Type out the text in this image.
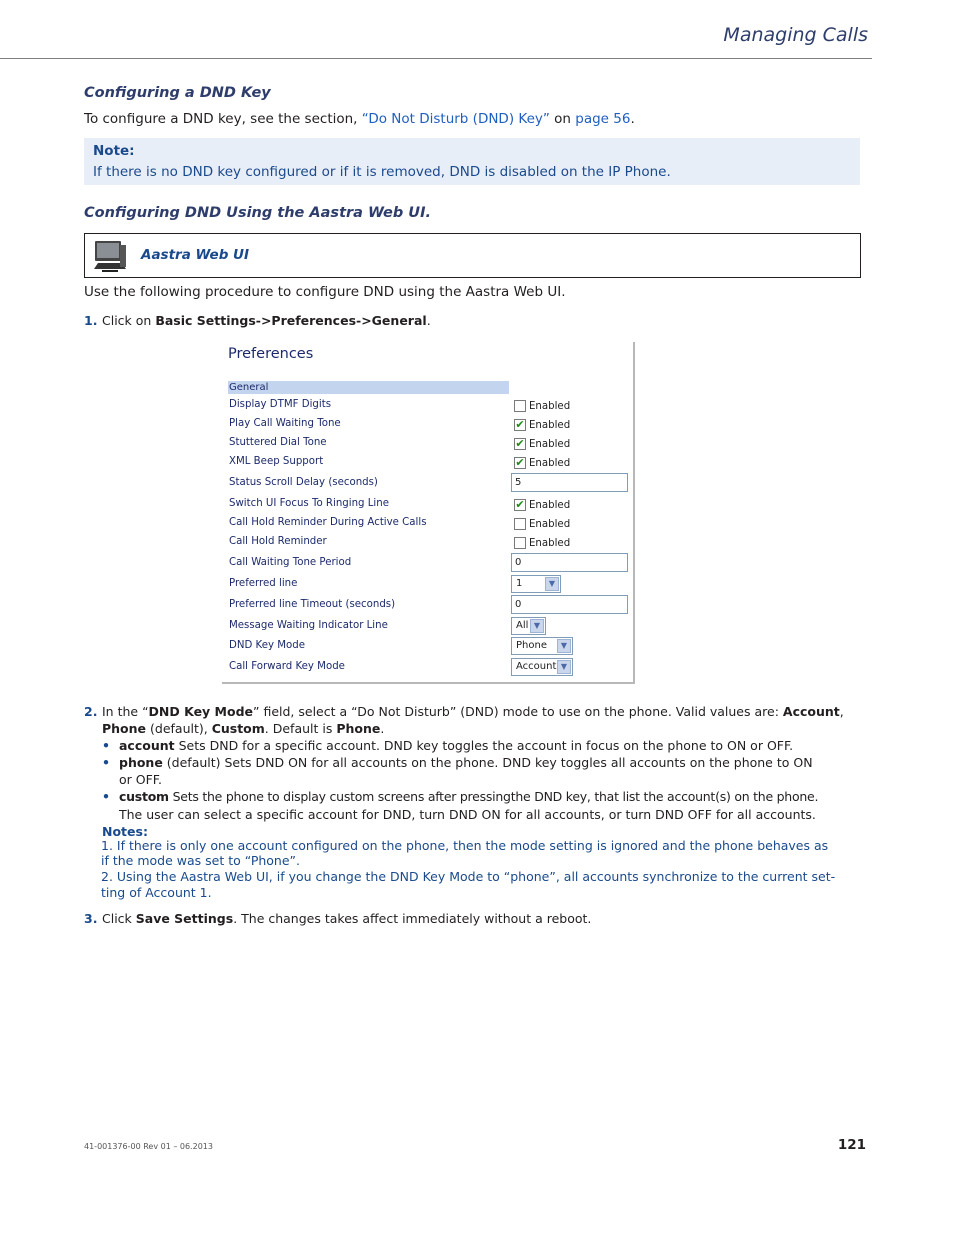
Managing Calls
Configuring a DND Key
To configure a DND key, see the section, “Do Not Disturb (DND) Key” on page 56.
Note:
If there is no DND key configured or if it is removed, DND is disabled on the IP Phone.
Configuring DND Using the Aastra Web UI.
Aastra Web UI
Use the following procedure to configure DND using the Aastra Web UI.
1. Click on Basic Settings->Preferences->General.
Preferences
General
Display DTMF Digits	Enabled
Play Call Waiting Tone	✔ Enabled
Stuttered Dial Tone	✔ Enabled
XML Beep Support	✔ Enabled
Status Scroll Delay (seconds)	5
Switch UI Focus To Ringing Line	✔ Enabled
Call Hold Reminder During Active Calls	Enabled
Call Hold Reminder	Enabled
Call Waiting Tone Period	0
Preferred line	1	▼
Preferred line Timeout (seconds)	0
Message Waiting Indicator Line	All ▼
DND Key Mode	Phone	▼
Call Forward Key Mode	Account ▼
2. In the “DND Key Mode” field, select a “Do Not Disturb” (DND) mode to use on the phone. Valid values are: Account,
Phone (default), Custom. Default is Phone.
• account Sets DND for a specific account. DND key toggles the account in focus on the phone to ON or OFF.
• phone (default) Sets DND ON for all accounts on the phone. DND key toggles all accounts on the phone to ON
or OFF.
• custom Sets the phone to display custom screens after pressingthe DND key, that list the account(s) on the phone.
The user can select a specific account for DND, turn DND ON for all accounts, or turn DND OFF for all accounts.
Notes:
1. If there is only one account configured on the phone, then the mode setting is ignored and the phone behaves as
if the mode was set to “Phone”.
2. Using the Aastra Web UI, if you change the DND Key Mode to “phone”, all accounts synchronize to the current set-
ting of Account 1.
3. Click Save Settings. The changes takes affect immediately without a reboot.
41-001376-00 Rev 01 – 06.2013	121
